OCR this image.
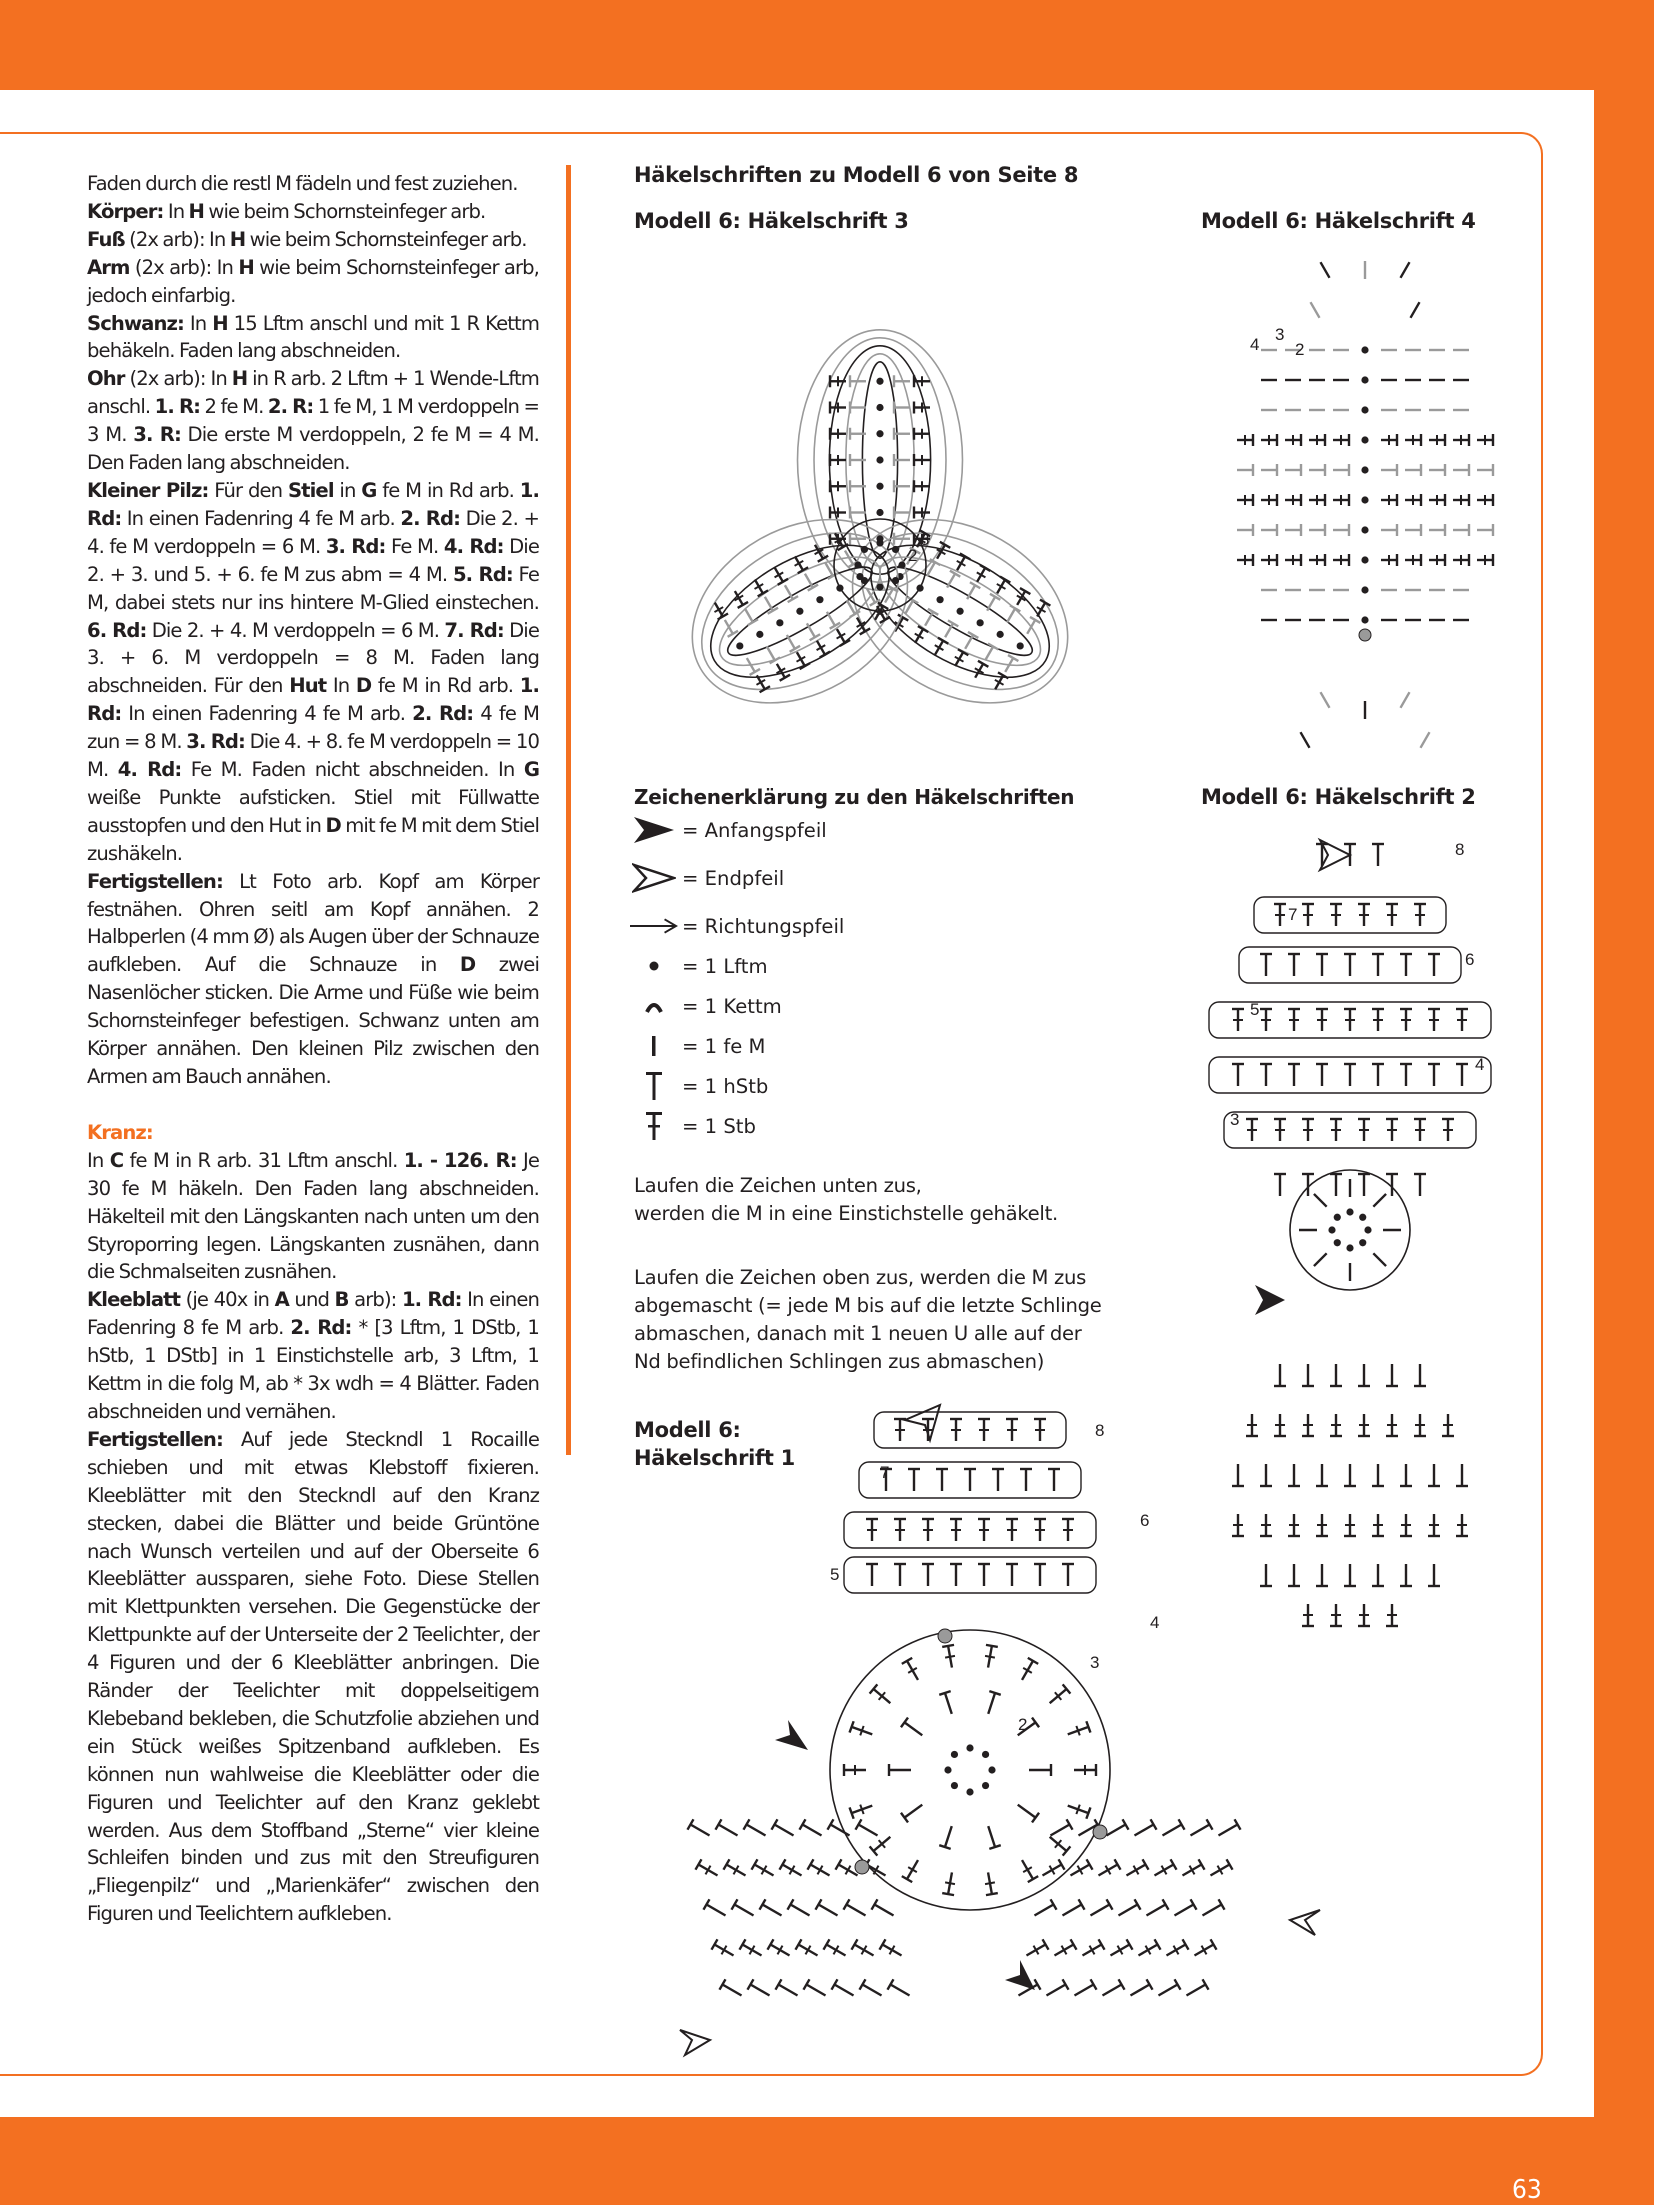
63

Faden durch die restl M fädeln und fest zuziehen.

Körper: In H wie beim Schornsteinfeger arb.

Fuß (2x arb): In H wie beim Schornsteinfeger arb.

Arm (2x arb): In H wie beim Schornsteinfeger arb, jedoch einfarbig.

Schwanz: In H 15 Lftm anschl und mit 1 R Kettm behäkeln. Faden lang abschneiden.

Ohr (2x arb): In H in R arb. 2 Lftm + 1 Wende-Lftm anschl. 1. R: 2 fe M. 2. R: 1 fe M, 1 M verdoppeln = 3 M. 3. R: Die erste M verdoppeln, 2 fe M = 4 M. Den Faden lang abschneiden.

Kleiner Pilz: Für den Stiel in G fe M in Rd arb. 1. Rd: In einen Fadenring 4 fe M arb. 2. Rd: Die 2. + 4. fe M verdoppeln = 6 M. 3. Rd: Fe M. 4. Rd: Die 2. + 3. und 5. + 6. fe M zus abm = 4 M. 5. Rd: Fe M, dabei stets nur ins hintere M-Glied einstechen. 6. Rd: Die 2. + 4. M verdoppeln = 6 M. 7. Rd: Die 3. + 6. M verdoppeln = 8 M. Faden lang abschneiden. Für den Hut In D fe M in Rd arb. 1. Rd: In einen Fadenring 4 fe M arb. 2. Rd: 4 fe M zun = 8 M. 3. Rd: Die 4. + 8. fe M verdoppeln = 10 M. 4. Rd: Fe M. Faden nicht abschneiden. In G weiße Punkte aufsticken. Stiel mit Füllwatte ausstopfen und den Hut in D mit fe M mit dem Stiel zushäkeln.

Fertigstellen: Lt Foto arb. Kopf am Körper festnähen. Ohren seitl am Kopf annähen. 2 Halbperlen (4 mm Ø) als Augen über der Schnauze aufkleben. Auf die Schnauze in D zwei Nasenlöcher sticken. Die Arme und Füße wie beim Schornsteinfeger befestigen. Schwanz unten am Körper annähen. Den kleinen Pilz zwischen den Armen am Bauch annähen.

Kranz:

In C fe M in R arb. 31 Lftm anschl. 1. - 126. R: Je 30 fe M häkeln. Den Faden lang abschneiden. Häkelteil mit den Längskanten nach unten um den Styroporring legen. Längskanten zusnähen, dann die Schmalseiten zusnähen.

Kleeblatt (je 40x in A und B arb): 1. Rd: In einen Fadenring 8 fe M arb. 2. Rd: * [3 Lftm, 1 DStb, 1 hStb, 1 DStb] in 1 Einstichstelle arb, 3 Lftm, 1 Kettm in die folg M, ab * 3x wdh = 4 Blätter. Faden abschneiden und vernähen.

Fertigstellen: Auf jede Steckndl 1 Rocaille schieben und mit etwas Klebstoff fixieren. Kleeblätter mit den Steckndl auf den Kranz stecken, dabei die Blätter und beide Grüntöne nach Wunsch verteilen und auf der Oberseite 6 Kleeblätter aussparen, siehe Foto. Diese Stellen mit Klettpunkten versehen. Die Gegenstücke der Klettpunkte auf der Unterseite der 2 Teelichter, der 4 Figuren und der 6 Kleeblätter anbringen. Die Ränder der Teelichter mit doppelseitigem Klebeband bekleben, die Schutzfolie abziehen und ein Stück weißes Spitzenband aufkleben. Es können nun wahlweise die Kleeblätter oder die Figuren und Teelichter auf den Kranz geklebt werden. Aus dem Stoffband „Sterne“ vier kleine Schleifen binden und zus mit den Streufiguren „Fliegenpilz“ und „Marienkäfer“ zwischen den Figuren und Teelichtern aufkleben.

Häkelschriften zu Modell 6 von Seite 8
Modell 6: Häkelschrift 3	Modell 6: Häkelschrift 4
Zeichenerklärung zu den Häkelschriften	Modell 6: Häkelschrift 2
Modell 6:
Häkelschrift 1
= Anfangspfeil
= Endpfeil
= Richtungspfeil
= 1 Lftm
= 1 Kettm
= 1 fe M
= 1 hStb
= 1 Stb
Laufen die Zeichen unten zus,
werden die M in eine Einstichstelle gehäkelt.
Laufen die Zeichen oben zus, werden die M zus
abgemascht (= jede M bis auf die letzte Schlinge
abmaschen, danach mit 1 neuen U alle auf der
Nd befindlichen Schlingen zus abmaschen)
3
2
4
3
2
8
7
6
5
4
3
8
7
6
5
4
3
2
